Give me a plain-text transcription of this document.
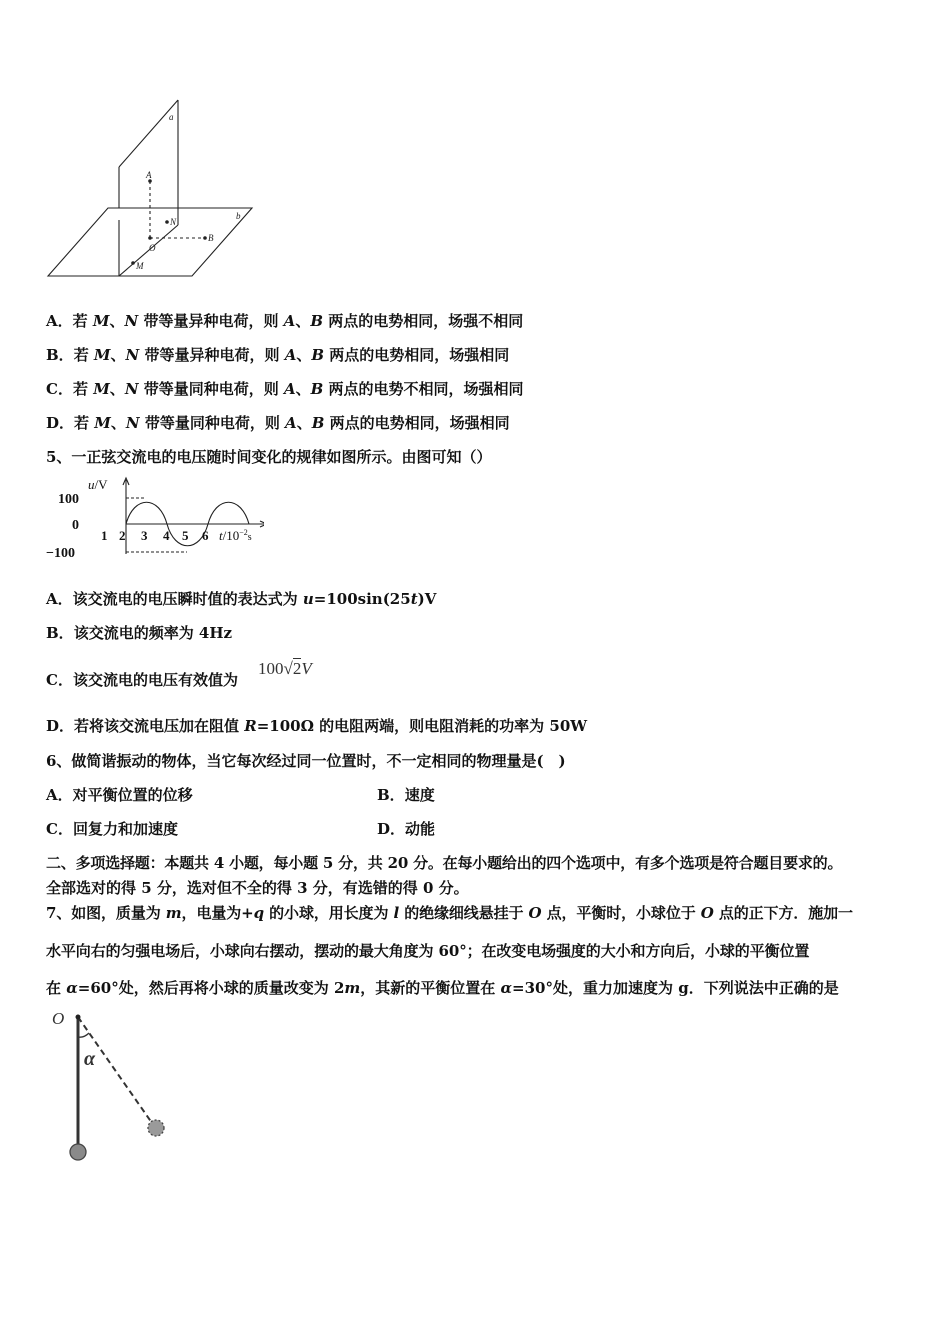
a
b
A
N
O
B
M
A．若 M、N 带等量异种电荷，则 A、B 两点的电势相同，场强不相同
B．若 M、N 带等量异种电荷，则 A、B 两点的电势相同，场强相同
C．若 M、N 带等量同种电荷，则 A、B 两点的电势不相同，场强相同
D．若 M、N 带等量同种电荷，则 A、B 两点的电势相同，场强相同
5、一正弦交流电的电压随时间变化的规律如图所示。由图可知（）
100
0
−100
1 2 3 4 5 6
u/V
$t/10^{-2}_s$
A．该交流电的电压瞬时值的表达式为 u=100sin(25t)V
B．该交流电的频率为 4Hz
C．该交流电的电压有效值为
100√2V
D．若将该交流电压加在阻值 R=100Ω 的电阻两端，则电阻消耗的功率为 50W
6、做简谐振动的物体，当它每次经过同一位置时，不一定相同的物理量是(　)
A．对平衡位置的位移	B．速度
C．回复力和加速度	D．动能
二、多项选择题：本题共 4 小题，每小题 5 分，共 20 分。在每小题给出的四个选项中，有多个选项是符合题目要求的。
全部选对的得 5 分，选对但不全的得 3 分，有选错的得 0 分。
7、如图，质量为 m，电量为+q 的小球，用长度为 l 的绝缘细线悬挂于 O 点，平衡时，小球位于 O 点的正下方．施加一
水平向右的匀强电场后，小球向右摆动，摆动的最大角度为 60°；在改变电场强度的大小和方向后，小球的平衡位置
在 α=60°处，然后再将小球的质量改变为 2m，其新的平衡位置在 α=30°处，重力加速度为 g．下列说法中正确的是
O
α
